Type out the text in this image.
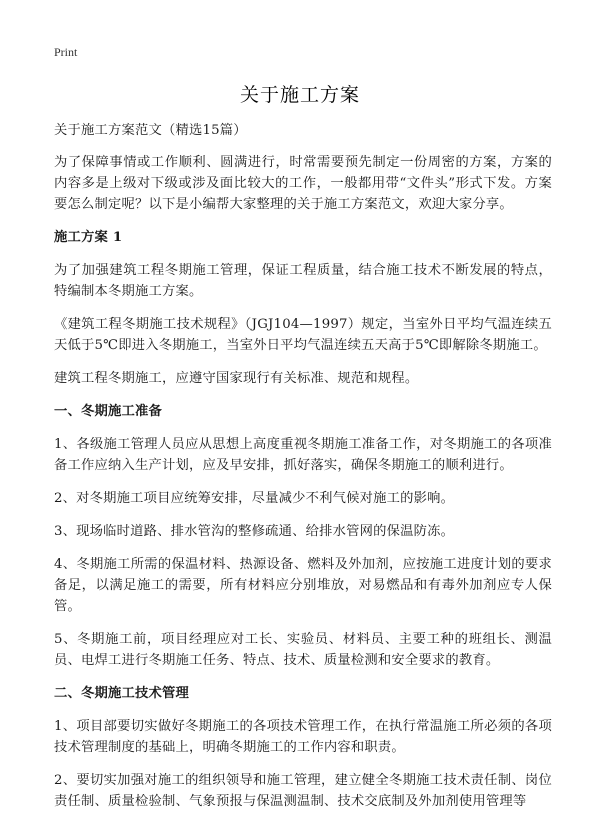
Print
关于施工方案

关于施工方案范文（精选15篇）

为了保障事情或工作顺利、圆满进行，时常需要预先制定一份周密的方案，方案的内容多是上级对下级或涉及面比较大的工作，一般都用带“文件头”形式下发。方案要怎么制定呢？以下是小编帮大家整理的关于施工方案范文，欢迎大家分享。

施工方案 1

为了加强建筑工程冬期施工管理，保证工程质量，结合施工技术不断发展的特点，特编制本冬期施工方案。

《建筑工程冬期施工技术规程》（JGJ104—1997）规定，当室外日平均气温连续五天低于5℃即进入冬期施工，当室外日平均气温连续五天高于5℃即解除冬期施工。

建筑工程冬期施工，应遵守国家现行有关标准、规范和规程。

一、冬期施工准备

1、各级施工管理人员应从思想上高度重视冬期施工准备工作，对冬期施工的各项准备工作应纳入生产计划，应及早安排，抓好落实，确保冬期施工的顺利进行。

2、对冬期施工项目应统筹安排，尽量减少不利气候对施工的影响。

3、现场临时道路、排水管沟的整修疏通、给排水管网的保温防冻。

4、冬期施工所需的保温材料、热源设备、燃料及外加剂，应按施工进度计划的要求备足，以满足施工的需要，所有材料应分别堆放，对易燃品和有毒外加剂应专人保管。

5、冬期施工前，项目经理应对工长、实验员、材料员、主要工种的班组长、测温员、电焊工进行冬期施工任务、特点、技术、质量检测和安全要求的教育。

二、冬期施工技术管理

1、项目部要切实做好冬期施工的各项技术管理工作，在执行常温施工所必须的各项技术管理制度的基础上，明确冬期施工的工作内容和职责。

2、要切实加强对施工的组织领导和施工管理，建立健全冬期施工技术责任制、岗位责任制、质量检验制、气象预报与保温测温制、技术交底制及外加剂使用管理等
